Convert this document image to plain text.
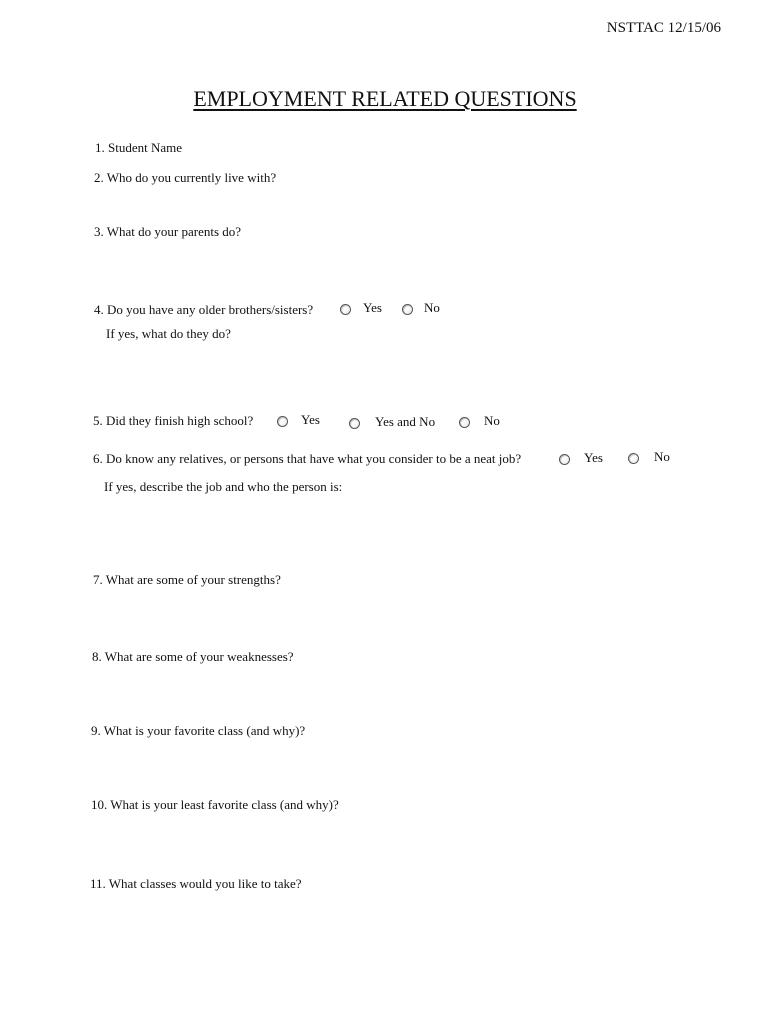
NSTTAC 12/15/06
EMPLOYMENT RELATED QUESTIONS
1. Student Name
2. Who do you currently live with?
3. What do your parents do?
4. Do you have any older brothers/sisters?	Yes	No
If yes, what do they do?
5. Did they finish high school?	Yes	Yes and No	No
6. Do know any relatives, or persons that have what you consider to be a neat job?	Yes	No
If yes, describe the job and who the person is:
7. What are some of your strengths?
8. What are some of your weaknesses?
9. What is your favorite class (and why)?
10. What is your least favorite class (and why)?
11. What classes would you like to take?
